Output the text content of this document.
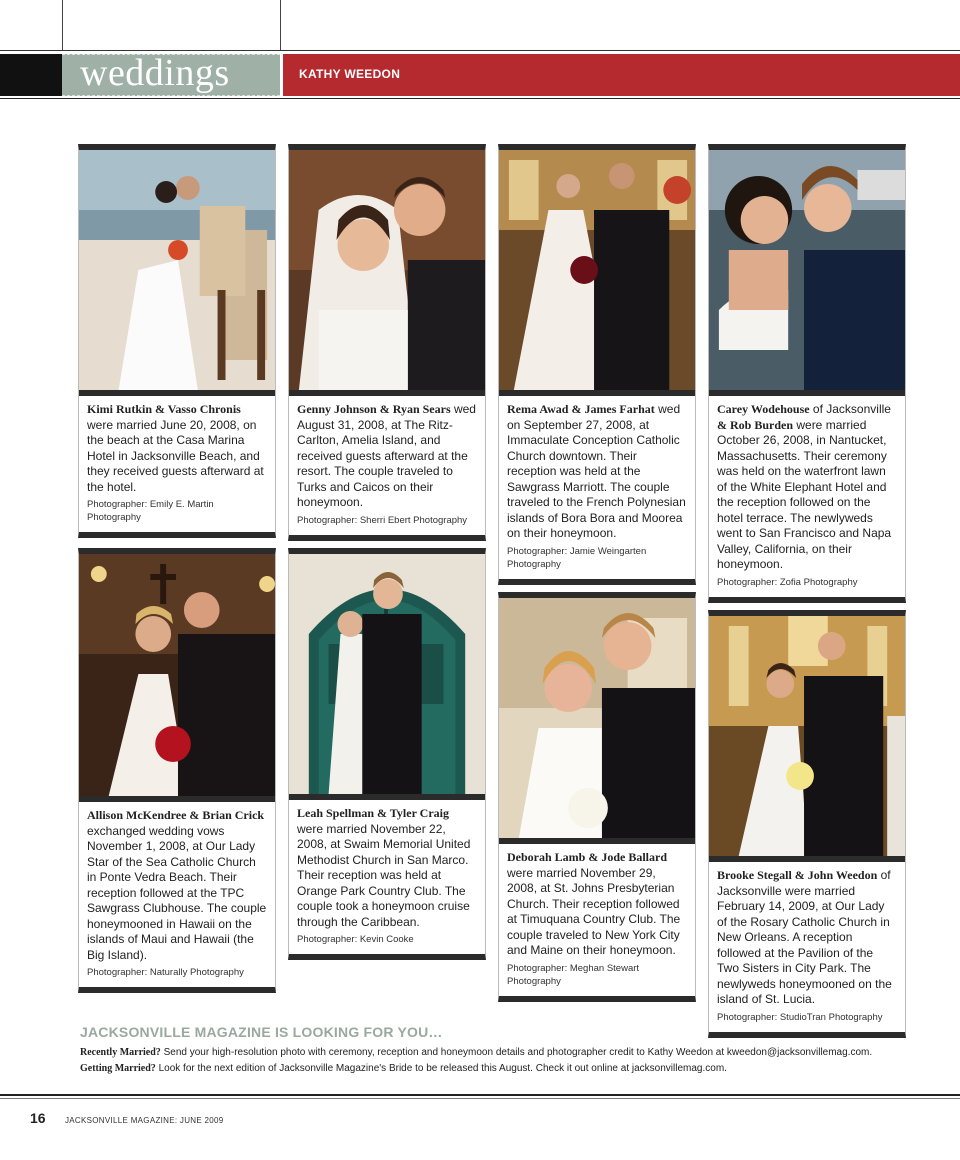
weddings	KATHY WEEDON
Kimi Rutkin & Vasso Chronis were married June 20, 2008, on the beach at the Casa Marina Hotel in Jacksonville Beach, and they received guests afterward at the hotel.
Photographer: Emily E. Martin Photography
Genny Johnson & Ryan Sears wed August 31, 2008, at The Ritz-Carlton, Amelia Island, and received guests afterward at the resort. The couple traveled to Turks and Caicos on their honeymoon.
Photographer: Sherri Ebert Photography
Rema Awad & James Farhat wed on September 27, 2008, at Immaculate Conception Catholic Church downtown. Their reception was held at the Sawgrass Marriott. The couple traveled to the French Polynesian islands of Bora Bora and Moorea on their honeymoon.
Photographer: Jamie Weingarten Photography
Carey Wodehouse of Jacksonville & Rob Burden were married October 26, 2008, in Nantucket, Massachusetts. Their ceremony was held on the waterfront lawn of the White Elephant Hotel and the reception followed on the hotel terrace. The newlyweds went to San Francisco and Napa Valley, California, on their honeymoon.
Photographer: Zofia Photography
Allison McKendree & Brian Crick exchanged wedding vows November 1, 2008, at Our Lady Star of the Sea Catholic Church in Ponte Vedra Beach. Their reception followed at the TPC Sawgrass Clubhouse. The couple honeymooned in Hawaii on the islands of Maui and Hawaii (the Big Island).
Photographer: Naturally Photography
Leah Spellman & Tyler Craig were married November 22, 2008, at Swaim Memorial United Methodist Church in San Marco. Their reception was held at Orange Park Country Club. The couple took a honeymoon cruise through the Caribbean.
Photographer: Kevin Cooke
Deborah Lamb & Jode Ballard were married November 29, 2008, at St. Johns Presbyterian Church. Their reception followed at Timuquana Country Club. The couple traveled to New York City and Maine on their honeymoon.
Photographer: Meghan Stewart Photography
Brooke Stegall & John Weedon of Jacksonville were married February 14, 2009, at Our Lady of the Rosary Catholic Church in New Orleans. A reception followed at the Pavilion of the Two Sisters in City Park. The newlyweds honeymooned on the island of St. Lucia.
Photographer: StudioTran Photography
JACKSONVILLE MAGAZINE IS LOOKING FOR YOU…
Recently Married? Send your high-resolution photo with ceremony, reception and honeymoon details and photographer credit to Kathy Weedon at kweedon@jacksonvillemag.com.
Getting Married? Look for the next edition of Jacksonville Magazine's Bride to be released this August. Check it out online at jacksonvillemag.com.
16 JACKSONVILLE MAGAZINE: JUNE 2009
